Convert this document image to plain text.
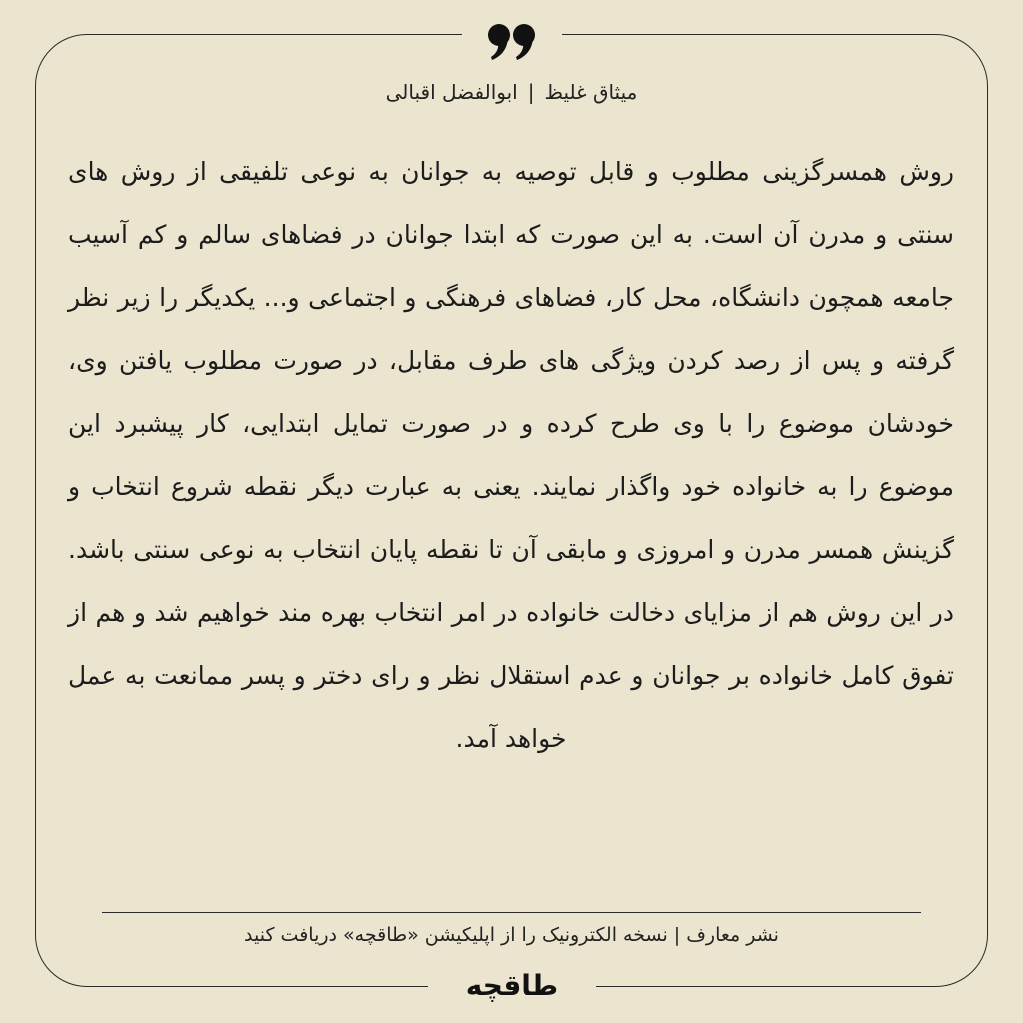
میثاق غلیظ|ابوالفضل اقبالی
روش همسرگزینی مطلوب و قابل توصیه به جوانان به نوعی تلفیقی از روش های سنتی و مدرن آن است. به این صورت که ابتدا جوانان در فضاهای سالم و کم آسیب جامعه همچون دانشگاه، محل کار، فضاهای فرهنگی و اجتماعی و... یکدیگر را زیر نظر گرفته و پس از رصد کردن ویژگی های طرف مقابل، در صورت مطلوب یافتن وی، خودشان موضوع را با وی طرح کرده و در صورت تمایل ابتدایی، کار پیشبرد این موضوع را به خانواده خود واگذار نمایند. یعنی به عبارت دیگر نقطه شروع انتخاب و گزینش همسر مدرن و امروزی و مابقی آن تا نقطه پایان انتخاب به نوعی سنتی باشد. در این روش هم از مزایای دخالت خانواده در امر انتخاب بهره مند خواهیم شد و هم از تفوق کامل خانواده بر جوانان و عدم استقلال نظر و رای دختر و پسر ممانعت به عمل خواهد آمد.
نشر معارف | نسخه الکترونیک را از اپلیکیشن «طاقچه» دریافت کنید
طاقچه
